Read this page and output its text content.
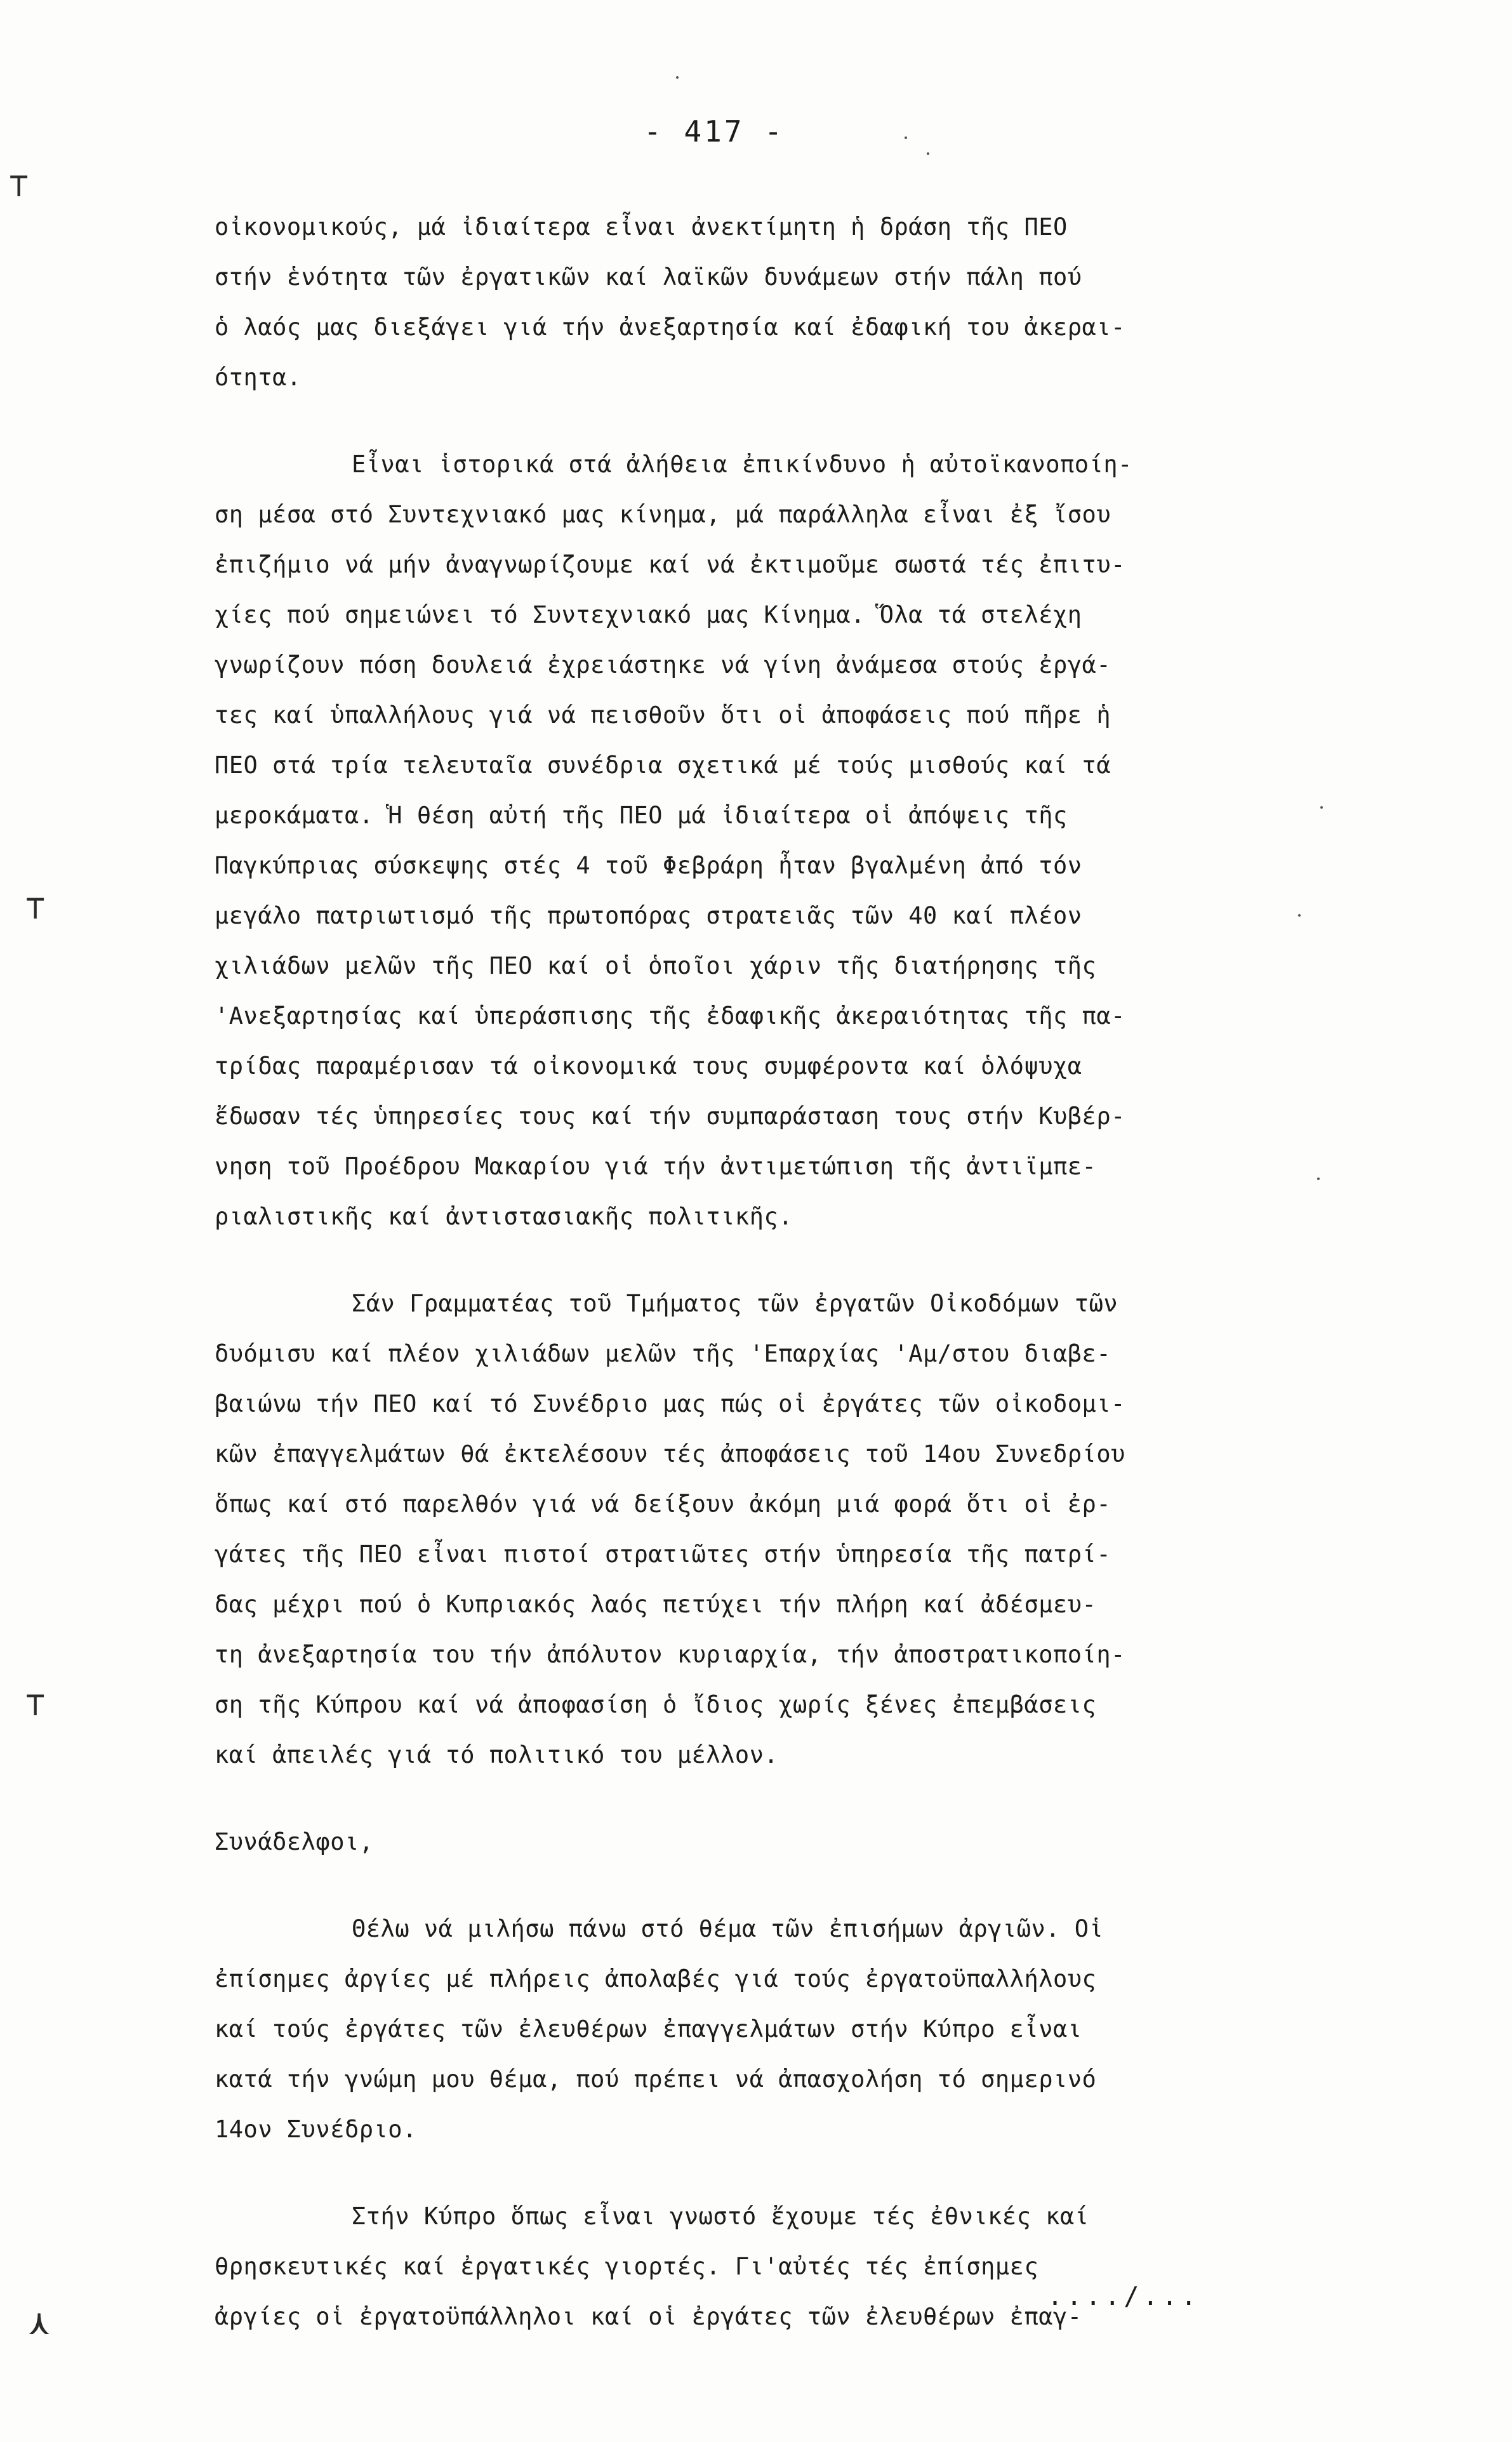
- 417 -
οἰκονομικούς, μά ἰδιαίτερα εἶναι ἀνεκτίμητη ἡ δράση τῆς ΠΕΟ
στήν ἑνότητα τῶν ἐργατικῶν καί λαϊκῶν δυνάμεων στήν πάλη πού
ὁ λαός μας διεξάγει γιά τήν ἀνεξαρτησία καί ἐδαφική του ἀκεραι-
ότητα.
Εἶναι ἱστορικά στά ἀλήθεια ἐπικίνδυνο ἡ αὐτοϊκανοποίη-
ση μέσα στό Συντεχνιακό μας κίνημα, μά παράλληλα εἶναι ἐξ ἴσου
ἐπιζήμιο νά μήν ἀναγνωρίζουμε καί νά ἐκτιμοῦμε σωστά τές ἐπιτυ-
χίες πού σημειώνει τό Συντεχνιακό μας Κίνημα. Ὅλα τά στελέχη
γνωρίζουν πόση δουλειά ἐχρειάστηκε νά γίνη ἀνάμεσα στούς ἐργά-
τες καί ὑπαλλήλους γιά νά πεισθοῦν ὅτι οἱ ἀποφάσεις πού πῆρε ἡ
ΠΕΟ στά τρία τελευταῖα συνέδρια σχετικά μέ τούς μισθούς καί τά
μεροκάματα. Ἡ θέση αὐτή τῆς ΠΕΟ μά ἰδιαίτερα οἱ ἀπόψεις τῆς
Παγκύπριας σύσκεψης στές 4 τοῦ Φεβράρη ἦταν βγαλμένη ἀπό τόν
μεγάλο πατριωτισμό τῆς πρωτοπόρας στρατειᾶς τῶν 40 καί πλέον
χιλιάδων μελῶν τῆς ΠΕΟ καί οἱ ὁποῖοι χάριν τῆς διατήρησης τῆς
'Ανεξαρτησίας καί ὑπεράσπισης τῆς ἐδαφικῆς ἀκεραιότητας τῆς πα-
τρίδας παραμέρισαν τά οἰκονομικά τους συμφέροντα καί ὁλόψυχα
ἔδωσαν τές ὑπηρεσίες τους καί τήν συμπαράσταση τους στήν Κυβέρ-
νηση τοῦ Προέδρου Μακαρίου γιά τήν ἀντιμετώπιση τῆς ἀντιϊμπε-
ριαλιστικῆς καί ἀντιστασιακῆς πολιτικῆς.
Σάν Γραμματέας τοῦ Τμήματος τῶν ἐργατῶν Οἰκοδόμων τῶν
δυόμισυ καί πλέον χιλιάδων μελῶν τῆς 'Επαρχίας 'Αμ/στου διαβε-
βαιώνω τήν ΠΕΟ καί τό Συνέδριο μας πώς οἱ ἐργάτες τῶν οἰκοδομι-
κῶν ἐπαγγελμάτων θά ἐκτελέσουν τές ἀποφάσεις τοῦ 14ου Συνεδρίου
ὅπως καί στό παρελθόν γιά νά δείξουν ἀκόμη μιά φορά ὅτι οἱ ἐρ-
γάτες τῆς ΠΕΟ εἶναι πιστοί στρατιῶτες στήν ὑπηρεσία τῆς πατρί-
δας μέχρι πού ὁ Κυπριακός λαός πετύχει τήν πλήρη καί ἀδέσμευ-
τη ἀνεξαρτησία του τήν ἀπόλυτον κυριαρχία, τήν ἀποστρατικοποίη-
ση τῆς Κύπρου καί νά ἀποφασίση ὁ ἴδιος χωρίς ξένες ἐπεμβάσεις
καί ἀπειλές γιά τό πολιτικό του μέλλον.
Συνάδελφοι,
Θέλω νά μιλήσω πάνω στό θέμα τῶν ἐπισήμων ἀργιῶν. Οἱ
ἐπίσημες ἀργίες μέ πλήρεις ἀπολαβές γιά τούς ἐργατοϋπαλλήλους
καί τούς ἐργάτες τῶν ἐλευθέρων ἐπαγγελμάτων στήν Κύπρο εἶναι
κατά τήν γνώμη μου θέμα, πού πρέπει νά ἀπασχολήση τό σημερινό
14ον Συνέδριο.
Στήν Κύπρο ὅπως εἶναι γνωστό ἔχουμε τές ἐθνικές καί
θρησκευτικές καί ἐργατικές γιορτές. Γι'αὐτές τές ἐπίσημες
ἀργίες οἱ ἐργατοϋπάλληλοι καί οἱ ἐργάτες τῶν ἐλευθέρων ἐπαγ-
..../...
⊤
⊤
⊤
⋏
